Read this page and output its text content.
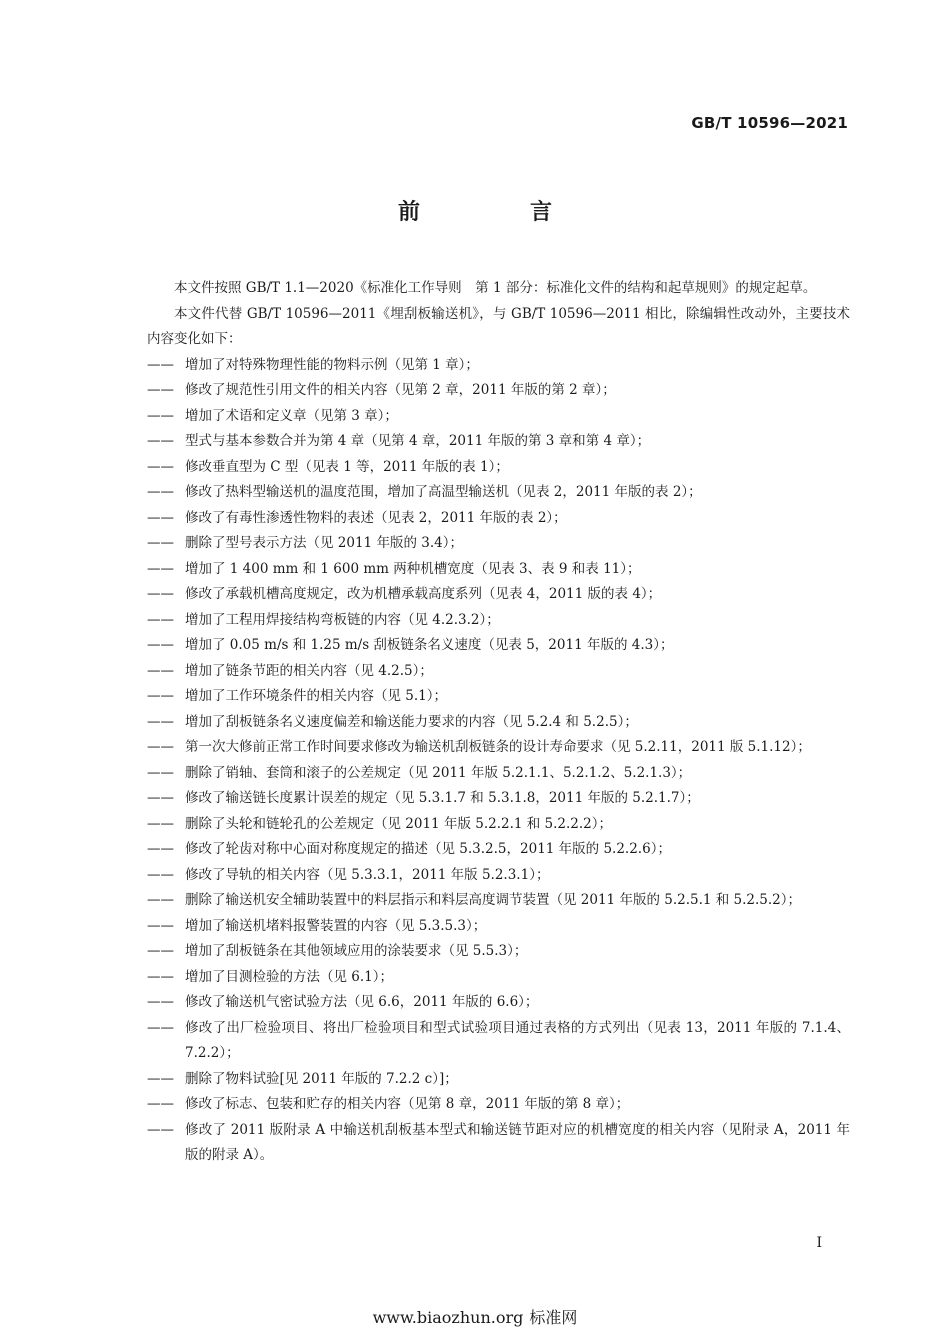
GB/T 10596—2021
前　言

本文件按照 GB/T 1.1—2020《标准化工作导则　第 1 部分：标准化文件的结构和起草规则》的规定起草。

本文件代替 GB/T 10596—2011《埋刮板输送机》，与 GB/T 10596—2011 相比，除编辑性改动外，主要技术内容变化如下：

—— 增加了对特殊物理性能的物料示例（见第 1 章）；
—— 修改了规范性引用文件的相关内容（见第 2 章，2011 年版的第 2 章）；
—— 增加了术语和定义章（见第 3 章）；
—— 型式与基本参数合并为第 4 章（见第 4 章，2011 年版的第 3 章和第 4 章）；
—— 修改垂直型为 C 型（见表 1 等，2011 年版的表 1）；
—— 修改了热料型输送机的温度范围，增加了高温型输送机（见表 2，2011 年版的表 2）；
—— 修改了有毒性渗透性物料的表述（见表 2，2011 年版的表 2）；
—— 删除了型号表示方法（见 2011 年版的 3.4）；
—— 增加了 1 400 mm 和 1 600 mm 两种机槽宽度（见表 3、表 9 和表 11）；
—— 修改了承载机槽高度规定，改为机槽承载高度系列（见表 4，2011 版的表 4）；
—— 增加了工程用焊接结构弯板链的内容（见 4.2.3.2）；
—— 增加了 0.05 m/s 和 1.25 m/s 刮板链条名义速度（见表 5，2011 年版的 4.3）；
—— 增加了链条节距的相关内容（见 4.2.5）；
—— 增加了工作环境条件的相关内容（见 5.1）；
—— 增加了刮板链条名义速度偏差和输送能力要求的内容（见 5.2.4 和 5.2.5）；
—— 第一次大修前正常工作时间要求修改为输送机刮板链条的设计寿命要求（见 5.2.11，2011 版 5.1.12）；
—— 删除了销轴、套筒和滚子的公差规定（见 2011 年版 5.2.1.1、5.2.1.2、5.2.1.3）；
—— 修改了输送链长度累计误差的规定（见 5.3.1.7 和 5.3.1.8，2011 年版的 5.2.1.7）；
—— 删除了头轮和链轮孔的公差规定（见 2011 年版 5.2.2.1 和 5.2.2.2）；
—— 修改了轮齿对称中心面对称度规定的描述（见 5.3.2.5，2011 年版的 5.2.2.6）；
—— 修改了导轨的相关内容（见 5.3.3.1，2011 年版 5.2.3.1）；
—— 删除了输送机安全辅助装置中的料层指示和料层高度调节装置（见 2011 年版的 5.2.5.1 和 5.2.5.2）；
—— 增加了输送机堵料报警装置的内容（见 5.3.5.3）；
—— 增加了刮板链条在其他领域应用的涂装要求（见 5.5.3）；
—— 增加了目测检验的方法（见 6.1）；
—— 修改了输送机气密试验方法（见 6.6，2011 年版的 6.6）；
—— 修改了出厂检验项目、将出厂检验项目和型式试验项目通过表格的方式列出（见表 13，2011 年版的 7.1.4、7.2.2）；
—— 删除了物料试验[见 2011 年版的 7.2.2 c）]；
—— 修改了标志、包装和贮存的相关内容（见第 8 章，2011 年版的第 8 章）；
—— 修改了 2011 版附录 A 中输送机刮板基本型式和输送链节距对应的机槽宽度的相关内容（见附录 A，2011 年版的附录 A）。
Ⅰ
www.biaozhun.org 标准网
